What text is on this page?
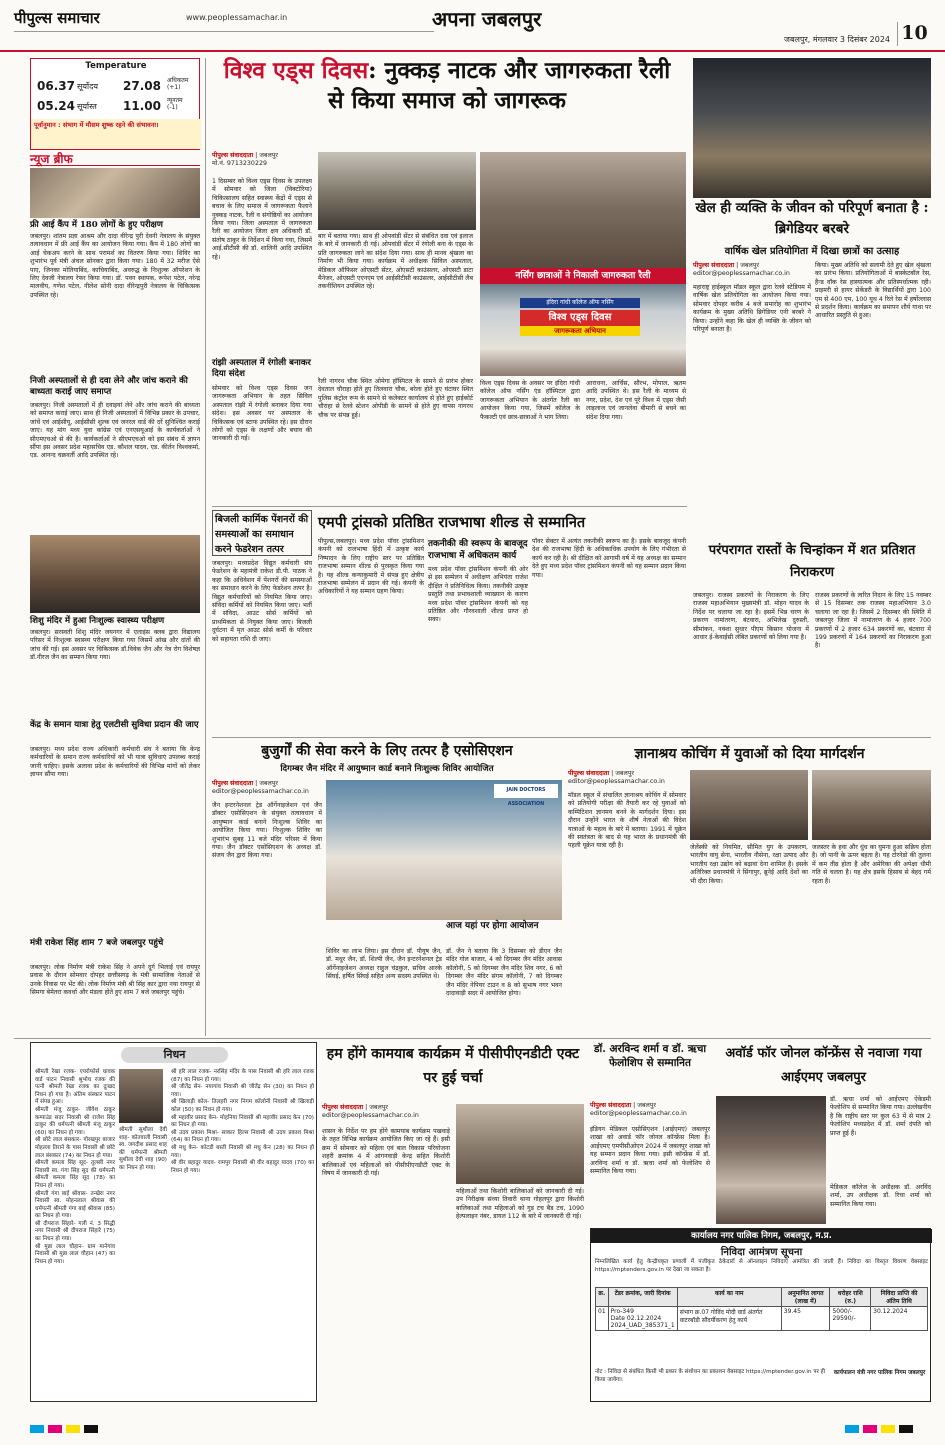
पीपुल्स समाचार	www.peoplessamachar.in	अपना जबलपुर
जबलपुर, मंगलवार 3 दिसंबर 2024 10
Temperature
06.37 सूर्योदय
05.24 सूर्यास्त
27.08	अधिकतम
(+1)
11.00	न्यूनतम
(-1)
पूर्वानुमान : संभाग में मौसम शुष्क रहने की संभावना।
न्यूज ब्रीफ
फ्री आई कैंप में 180 लोगों के हुए परीक्षण
जबलपुर। शांतम प्रज्ञा आश्रम और दादा वीरेन्द्र पुरी देवनी नेत्रालय के संयुक्त तत्वावधान में फ्री आई कैंप का आयोजन किया गया। कैंप में 180 लोगों का आई चेकअप करने के साथ परामर्श का वितरण किया गया। शिविर का शुभारंभ पूर्व मंत्री अंचल सोनकर द्वारा किया गया। 180 में 32 मरीज ऐसे पाए, जिनका मोतियाबिंद, काचियाबिंद, अवरुद्ध के निःशुल्क ऑपरेशन के लिए देवजी नेत्रालय रेफर किया गया। डॉ. पवन स्थापक, रूपेश पटेल, नरेन्द्र मालवीय, गणेश पटेल, नीलेश सोनी दादा वीरेन्द्रपुरी नेत्रालय के चिकित्सक उपस्थित रहे।
निजी अस्पतालों से ही दवा लेने और जांच कराने की बाध्यता कराई जाए समाप्त
जबलपुर। निजी अस्पतालों में ही दवाइयां लेने और जांच कराने की बाध्यता को समाप्त कराई जाए। साथ ही निजी अस्पतालों में विभिन्न प्रकार के उपचार, जांचें एवं आईसीयू, आईसीसी शुल्क एवं जनरल वार्ड की दरें सुनिश्चित कराई जाए। यह मांग मध्य युवा कांग्रेस एवं एनएसयूआई के कार्यकर्ताओं ने सीएमएचओ से की है। कार्यकर्ताओं ने सीएमएचओ को इस संबंध में ज्ञापन सौंपा इस अवसर प्रदेश महासचिव एड. कौशल यादव, एड. कीर्तन विश्वकर्मा, एड. आनन्द चक्रवर्ती आदि उपस्थित रहे।
शिशु मंदिर में हुआ निःशुल्क स्वास्थ्य परीक्षण
जबलपुर। सरस्वती शिशु मंदिर जयनगर में एलाइंस क्लब द्वारा विद्यालय परिसर में निःशुल्क स्वास्थ्य परीक्षण किया गया जिसमें आंख और दांतों की जांच की गई। इस अवसर पर चिकित्सक डॉ.विवेक जैन और नेत्र रोग विशेषज्ञ डॉ.नीरज जैन का सम्मान किया गया।
केंद्र के समान यात्रा हेतु एलटीसी सुविधा प्रदान की जाए
जबलपुर। मध्य प्रदेश राज्य अधिकारी कर्मचारी संघ ने बताया कि केन्द्र कर्मचारियों के समान राज्य कर्मचारियों को भी यात्रा सुविधाएं उपलब्ध कराई जानी चाहिए। इसके अलावा प्रदेश के कर्मचारियों की विभिन्न मांगों को लेकर ज्ञापन सौंपा गया।
मंत्री राकेश सिंह शाम 7 बजे जबलपुर पहुंचे
जबलपुर। लोक निर्माण मंत्री राकेश सिंह ने अपने दूर्ग भिलाई एवं रायपुर प्रवास के दौरान सोमवार दोपहर छत्तीसगढ़ के मंत्री सामाजिक नेताओं से उनके निवास पर भेंट की। लोक निर्माण मंत्री श्री सिंह कार द्वारा नया रायपुर से सिमगा बेमेतरा कवर्धा और मंडला होते हुए शाम 7 बजे जबलपुर पहुंचे।
विश्व एड्स दिवस: नुक्कड़ नाटक और जागरुकता रैली से किया समाज को जागरूक
पीपुल्स संवाददाता | जबलपुर
मो.नं. 9713230229
1 दिसम्बर को विश्व एड्स दिवस के उपलक्ष्य में सोमवार को जिला (विक्टोरिया) चिकित्सालय सहित स्वास्थ्य केंद्रों में एड्स से बचाव के लिए समाज में जागरूकता फैलाने नुक्कड़ नाटक, रैली व संगोष्ठियों का आयोजन किया गया। जिला अस्पताल में जागरुकता रैली का आयोजन जिला क्षय अधिकारी डॉ. संतोष ठाकुर के निर्देशन में किया गया, जिसमें आई.सीटीसी की डॉ. शालिनी आदि उपस्थित रहे।
रांझी अस्पताल में रंगोली बनाकर दिया संदेश
सोमवार को विश्व एड्स दिवस जन जागरूकता अभियान के तहत सिविल अस्पताल रांझी में रंगोली बनाकर दिया गया संदेश। इस अवसर पर अस्पताल के चिकित्सक एवं स्टाफ उपस्थित रहे। इस दौरान लोगों को एड्स के लक्षणों और बचाव की जानकारी दी गई।
बार में बताया गया। साथ ही ओपवांडी सेंटर से संबंधित दवा एवं इलाज के बारे में जानकारी दी गई। ओपवांडी सेंटर में रंगोली बना के एड्स के प्रति जागरुकता लाने का संदेश दिया गया। साथ ही मानव श्रृंखला का निर्माण भी किया गया। कार्यक्रम में अधीक्षक सिविल अस्पताल, मेडिकल ऑफिसर ओएसटी सेंटर, ओएसटी काउंसलर, ओएसटी डाटा मैनेजर, ओएसटी एएनएम एवं आईसीटीसी काउंसलर, आईसीटीसी लैब तकनीशियन उपस्थित रहे।
रैली नागरथ चौक स्थित ओमेगा हॉस्पिटल के सामने से प्रारंभ होकर देवताल चौराहा होते हुए तिलवारा चौक, बरेला होते हुए घंटाघर स्थित पुलिस कंट्रोल रूम के सामने से कलेक्टर कार्यालय से होते हुए हाईकोर्ट चौराहा से रेलवे स्टेशन ओपीडी के सामने से होते हुए वापस नागरथ चौक पर संपन्न हुई।
नर्सिंग छात्राओं ने निकाली जागरुकता रैली
इंदिरा गांधी कॉलेज ऑफ नर्सिंग
विश्व एड्स दिवस
जागरूकता अभियान
विश्व एड्स दिवस के अवसर पर इंदिरा गांधी कॉलेज ऑफ नर्सिंग एंड हॉस्पिटल द्वारा जागरूकता अभियान के अंतर्गत रैली का आयोजन किया गया, जिसमें कॉलेज के फैकल्टी एवं छात्र-छात्राओं ने भाग लिया।
आराधना, आर्चिस, सौरभ, मोपाल, ऋतम आदि उपस्थित थे। इस रैली के माध्यम से नगर, प्रदेश, देश एवं पूरे विश्व में एड्स जैसी लाइलाज एवं जानलेवा बीमारी से बचने का संदेश दिया गया।
खेल ही व्यक्ति के जीवन को परिपूर्ण बनाता है : ब्रिगेडियर बरबरे
वार्षिक खेल प्रतियोगिता में दिखा छात्रों का उत्साह
पीपुल्स संवाददाता | जबलपुर
editor@peoplessamachar.co.in
महाराष्ट्र हाईस्कूल मॉडल स्कूल द्वारा रेलवे स्टेडियम में वार्षिक खेल प्रतियोगिता का आयोजन किया गया। सोमवार दोपहर करीब 4 बजे समारोह का शुभारंभ कार्यक्रम के मुख्य अतिथि ब्रिगेडियर एनी बरबरे ने किया। उन्होंने कहा कि खेल ही व्यक्ति के जीवन को परिपूर्ण बनाता है।
किया। मुख्य अतिथि को सलामी देते हुए खेल श्रृंखला का प्रारंभ किया। प्रतियोगिताओं में बास्केटबॉल रेस, हैन्ड वॉक रेस हास्यात्मक और प्रतिस्पर्धात्मक रही। प्राइमरी से हायर सेकेंडरी के विद्यार्थियों द्वारा 100 एम से 400 एम, 100 यूथ 4 रिले रेस में हर्षोल्लास से प्रदर्शन किया। कार्यक्रम का समापन शौर्य गाथा पर आधारित प्रस्तुति से हुआ।
बिजली कार्मिक पेंशनरों की समस्याओं का समाधान करने फेडरेशन तत्पर
जबलपुर। मध्यप्रदेश विद्युत कर्मचारी संघ फेडरेशन के महामंत्री राकेश डी.पी. पाठक ने कहा कि अधिवेशन में पेंशनरों की समस्याओं का समाधान करने के लिए फेडरेशन तत्पर है। विद्युत कर्मचारियों को नियमित किया जाए। संविदा कर्मियों को नियमित किया जाए। भर्ती में संविदा, आउट सोर्स कर्मियों को प्राथमिकता से नियुक्त किया जाए। बिजली दुर्घटना में मृत आउट सोर्स कर्मी के परिवार को सहायता राशि दी जाए।
एमपी ट्रांसको प्रतिष्ठित राजभाषा शील्ड से सम्मानित
पीपुल्स,जबलपुर। मध्य प्रदेश पॉवर ट्रांसमिशन कंपनी को राजभाषा हिंदी में उत्कृष्ट कार्य निष्पादन के लिए राष्ट्रीय स्तर पर प्रतिष्ठित राजभाषा सम्मान शील्ड से पुरस्कृत किया गया है। यह शील्ड कन्याकुमारी में संपन्न हुए क्षेत्रीय राजभाषा सम्मेलन में प्रदान की गई। कंपनी के अधिकारियों ने यह सम्मान ग्रहण किया।
तकनीकी की स्वरूप के बावजूद राजभाषा में अधिकतम कार्य
मध्य प्रदेश पॉवर ट्रांसमिशन कंपनी की ओर से इस सम्मेलन में अधीक्षण अभियंता राजेश दीक्षित ने प्रतिनिधित्व किया। तकनीकी उत्कृष्ट प्रस्तुति तथा प्रभावशाली व्याख्यान के कारण मध्य प्रदेश पॉवर ट्रांसमिशन कंपनी को यह प्रतिष्ठित और गौरवशाली शील्ड प्राप्त हो सका।
पॉवर सेक्टर में अत्यंत तकनीकी स्वरूप का है। इसके बावजूद कंपनी देश की राजभाषा हिंदी के अधिकाधिक उपयोग के लिए गंभीरता से कार्य कर रही है। श्री दीक्षित को आगामी वर्ष में यह अध्यक्ष का सम्मान देते हुए मध्य प्रदेश पॉवर ट्रांसमिशन कंपनी को यह सम्मान प्रदान किया गया।
परंपरागत रास्तों के चिन्हांकन में शत प्रतिशत निराकरण
जबलपुर। राजस्व प्रकरणों के निराकरण के लिए राजस्व महाअभियान मुख्यमंत्री डॉ. मोहन यादव के निर्देश पर चलाया जा रहा है। इसमें भिन्न चरण के प्रकरण नामांतरण, बंटवारा, अभिलेख दुरुस्ती, सीमांकन, नक्शा सुधार पीएम किसान योजना में आधार ई-केवाईसी लंबित प्रकरणों को लिया गया है।
राजस्व प्रकरणों के त्वरित निदान के लिए 15 नवम्बर से 15 दिसम्बर तक राजस्व महाअभियान 3.0 चलाया जा रहा है। जिसमें 2 दिसम्बर की स्थिति में जबलपुर जिला में नामांतरण के 4 हजार 700 प्रकरणों में 2 हजार 634 प्रकरणों का, बंटवारा में 199 प्रकरणों में 164 प्रकरणों का निराकरण हुआ है।
बुजुर्गों की सेवा करने के लिए तत्पर है एसोसिएशन
दिगम्बर जैन मंदिर में आयुष्मान कार्ड बनाने निःशुल्क शिविर आयोजित
पीपुल्स संवाददाता | जबलपुर
editor@peoplessamachar.co.in
जैन इन्टरनेशनल ट्रेड ऑर्गेनाइजेशन एवं जैन डॉक्टर एसोसिएशन के संयुक्त तत्वावधान में आयुष्मान कार्ड बनाने निःशुल्क शिविर का आयोजित किया गया। निःशुल्क शिविर का शुभारंभ सुबह 11 बजे मंदिर परिसर में किया गया। जैन डॉक्टर एसोसिएशन के अध्यक्ष डॉ. संजय जैन द्वारा किया गया।
JAIN DOCTORS ASSOCIATION
आज यहां पर होगा आयोजन
शिविर का लाभ लिया। इस दौरान डॉ. पीयूष जैन, डॉ. मधुर जैन, डॉ. शिल्पी जैन, जैन इन्टरनेशनल ट्रेड ऑर्गेनाइजेशन अध्यक्ष राहुल चंद्रकुल, सचिव आरके सिंघई, हर्षित सिंघई सहित अन्य सदस्य उपस्थित थे।
डॉ. जैन ने बताया कि 3 दिसम्बर को डीएन जैन मंदिर गोल बाजार, 4 को दिगम्बर जैन मंदिर आवास कॉलोनी, 5 को दिगम्बर जैन मंदिर शिव नगर, 6 को दिगम्बर जैन मंदिर संगम कॉलोनी, 7 को दिगम्बर जैन मंदिर नेपियर टाउन व 8 को सुभाष नगर भवन दादावाड़ी सदर में आयोजित होगा।
ज्ञानाश्रय कोचिंग में युवाओं को दिया मार्गदर्शन
पीपुल्स संवाददाता | जबलपुर
editor@peoplessamachar.co.in
मॉडल स्कूल में संचालित ज्ञानाश्रय कोचिंग में सोमवार को प्रतियोगी परीक्षा की तैयारी कर रहे युवाओं को कम्पिटिशन ज्ञानमय बनने के मार्गदर्शन दिया। इस दौरान उन्होंने भारत के शीर्ष नेताओं की विदेश यात्राओं के महत्व के बारे में बताया। 1991 में यूक्रेन की स्वतंत्रता के बाद से यह भारत के प्रधानमंत्री की पहली यूक्रेन यात्रा रही है।	जेलेंस्की को नियमित, सीमित युग के उपकरण, भारतीय वायु सेना, भारतीय नौसेना, रक्षा उत्पाद और भारतीय रक्षा उद्योग को बढ़ावा देना शामिल है। इसके अतिरिक्त प्रधानमंत्री ने सिंगापुर, ब्रुनेई आदि देशों का भी दौरा किया।
जलस्तर के हवा और धुंध का घुमना हुआ सक्रिय होता है। जो पानी के ऊपर बहता है। यह टोरनेडो की तुलना में कम तीव्र होता है और अमेरिका की अपेक्षा धीमी गति से चलता है। यह क्षेत्र इसके हिसाब से बेहद गर्म रहता है।
निधन
श्रीमती रेखा रजक- एयरोफोर्स धावक वार्ड पाटन निवासी श्रुभोध रजक की पत्नी श्रीमती रेखा रजक का दुःखद निधन हो गया है। अंतिम संस्कार पाटन में संपन्न हुआ।
श्रीमती मंजू ठाकुर- जीवेश ठाकुर कम्पाउंड सदर निवासी श्री राजेश सिंह ठाकुर की धर्मपत्नी श्रीमती मंजू ठाकुर (60) का निधन हो गया।
श्री छोटे लाल बंसकार- गोरखपुर बाजार मोहल्ला तिराने के पास निवासी श्री छोटे लाल बंसकार (74) का निधन हो गया।
श्रीमती कमला सिंह सूद- तुलसी नगर निवासी स्व. गंगा सिंह सूद की धर्मपत्नी श्रीमती कमला सिंह सूद (78) का निधन हो गया।
श्रीमती गंगा बाई श्रीवास- तन्खेरा नगर निवासी स्व. मोहनलाल श्रीवास की धर्मपत्नी श्रीमती गंगा बाई श्रीवास (85) का निधन हो गया।
श्री दीपराज सिंहारे- गली नं. 3 सिद्धी नगर निवासी श्री दीपराज सिंहारे (75) का निधन हो गया।
श्री मुन्ना लाल चौहान- ग्राम मानेगांव निवासी श्री मुन्ना लाल चौहान (47) का निधन हो गया।
श्रीमती सुशीला देवी शाह- कोतवाली निवासी स्व. जगदीश प्रसाद शाह की धर्मपत्नी श्रीमती सुशीला देवी शाह (90) का निधन हो गया।
श्री हरि लाल रजक- नरसिंह मंदिर के पास निवासी श्री हरि लाल रजक (87) का निधन हो गया।
श्री जीतेंद्र सेन- नयागांव निवासी श्री जीतेंद्र सेन (30) का निधन हो गया।
श्री खिलाड़ी कोल- तिलहरी नगर निगम कॉलोनी निवासी श्री खिलाड़ी कोल (50) का निधन हो गया।
श्री महावीर प्रसाद केन- मोहनिया निवासी श्री महावीर प्रसाद केन (70) का निधन हो गया।
श्री उदय प्रकाश मिश्रा- साकार हिल्स निवासी श्री उदय प्रकाश मिश्रा (64) का निधन हो गया।
श्री मधु केन- कोटडी बस्ती निवासी श्री मधु केन (28) का निधन हो गया।
श्री वीर बहादुर यादव- रामपुर निवासी श्री वीर बहादुर यादव (70) का निधन हो गया।
हम होंगे कामयाब कार्यक्रम में पीसीपीएनडीटी एक्ट पर हुई चर्चा
पीपुल्स संवाददाता | जबलपुर
editor@peoplessamachar.co.in
शासन के निर्देश पर हम होंगे कामयाब कार्यक्रम पखवाड़े के तहत विभिन्न कार्यक्रम आयोजित किए जा रहे हैं। इसी क्रम में सोमवार को महिला एवं बाल विकास परियोजना शहरी क्रमांक 4 में आंगनवाड़ी केन्द्र सहित किशोरी बालिकाओं एवं महिलाओं को पीसीपीएनडीटी एक्ट के विषय में जानकारी दी गई।
महिलाओं तथा किशोरी बालिकाओं को जानकारी दी गई। उप निरीक्षक संध्या तिवारी थाना गोहलपुर द्वारा किशोरी बालिकाओं तथा महिलाओं को गुड टच बैड टच, 1090 हेल्पलाइन नंबर, डायल 112 के बारे में जानकारी दी गई।
डॉ. अरविन्द शर्मा व डॉ. ऋचा फेलोशिप से सम्मानित
पीपुल्स संवाददाता | जबलपुर
editor@peoplessamachar.co.in
इंडियन मेडिकल एसोसिएशन (आईएमए) जबलपुर शाखा को अवार्ड फॉर जोनल कॉन्फ्रेंस मिला है। आईएमए एमपीसीओएन 2024 में जबलपुर शाखा को यह सम्मान प्रदान किया गया। इसी कॉन्फ्रेंस में डॉ. अरविन्द शर्मा व डॉ. ऋचा शर्मा को फेलोशिप से सम्मानित किया गया।
अवॉर्ड फॉर जोनल कॉन्फ्रेंस से नवाजा गया आईएमए जबलपुर
डॉ. ऋचा शर्मा को आईएमए ऐकेडमी फेलोशिप से सम्मानित किया गया। उल्लेखनीय है कि राष्ट्रीय स्तर पर कुल 63 में से मात्र 2 फेलोशिप मध्यप्रदेश में डॉ. शर्मा दंपति को प्राप्त हुई हैं।
मेडिकल कॉलेज के अधीक्षक डॉ. अरविंद शर्मा, उप अधीक्षक डॉ. रिचा शर्मा को सम्मानित किया गया।
कार्यालय नगर पालिक निगम, जबलपुर, म.प्र.
निविदा आमंत्रण सूचना
निम्नलिखित कार्य हेतु केन्द्रीयकृत प्रणाली में पंजीकृत ठेकेदारों से ऑनलाइन निविदाएँ आमंत्रित की जाती हैं। निविदा का विस्तृत विवरण वेबसाइट https://mptenders.gov.in पर देखा जा सकता है।
क्र.	टेंडर क्रमांक, जारी दिनांक	कार्य का नाम	अनुमानित लागत (लाख में)	धरोहर राशि (रु.)	निविदा प्राप्ति की अंतिम तिथि
01	Pro-349
Date 02.12.2024
2024_UAD_385371_1	संभाग क्र.07 गोविंद मोदी वार्ड अंतर्गत वाटरबॉडी सौंदर्यीकरण हेतु कार्य	39.45	5000/- 29590/-	30.12.2024
नोट : निविदा से संबंधित किसी भी प्रकार के संशोधन का प्रकाशन वेबसाइट https://mptender.gov.in पर ही किया जायेगा।
कार्यपालन यंत्री नगर पालिक निगम जबलपुर
